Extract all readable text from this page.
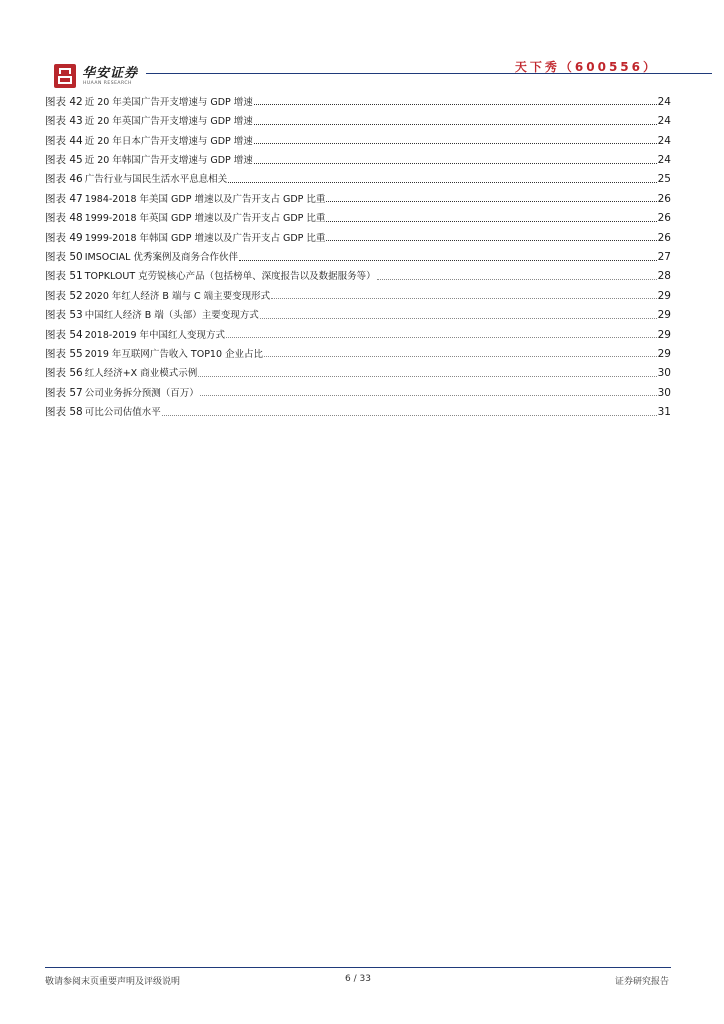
华安证券
HUAAN RESEARCH
天下秀（600556）
图表 42 近 20 年美国广告开支增速与 GDP 增速	24
图表 43 近 20 年英国广告开支增速与 GDP 增速	24
图表 44 近 20 年日本广告开支增速与 GDP 增速	24
图表 45 近 20 年韩国广告开支增速与 GDP 增速	24
图表 46 广告行业与国民生活水平息息相关	25
图表 47 1984-2018 年美国 GDP 增速以及广告开支占 GDP 比重	26
图表 48 1999-2018 年英国 GDP 增速以及广告开支占 GDP 比重	26
图表 49 1999-2018 年韩国 GDP 增速以及广告开支占 GDP 比重	26
图表 50 IMSOCIAL 优秀案例及商务合作伙伴	27
图表 51 TOPKLOUT 克劳锐核心产品（包括榜单、深度报告以及数据服务等）	28
图表 52 2020 年红人经济 B 端与 C 端主要变现形式	29
图表 53 中国红人经济 B 端（头部）主要变现方式	29
图表 54 2018-2019 年中国红人变现方式	29
图表 55 2019 年互联网广告收入 TOP10 企业占比	29
图表 56 红人经济+X 商业模式示例	30
图表 57 公司业务拆分预测（百万）	30
图表 58 可比公司估值水平	31
敬请参阅末页重要声明及评级说明	6 / 33	证券研究报告
